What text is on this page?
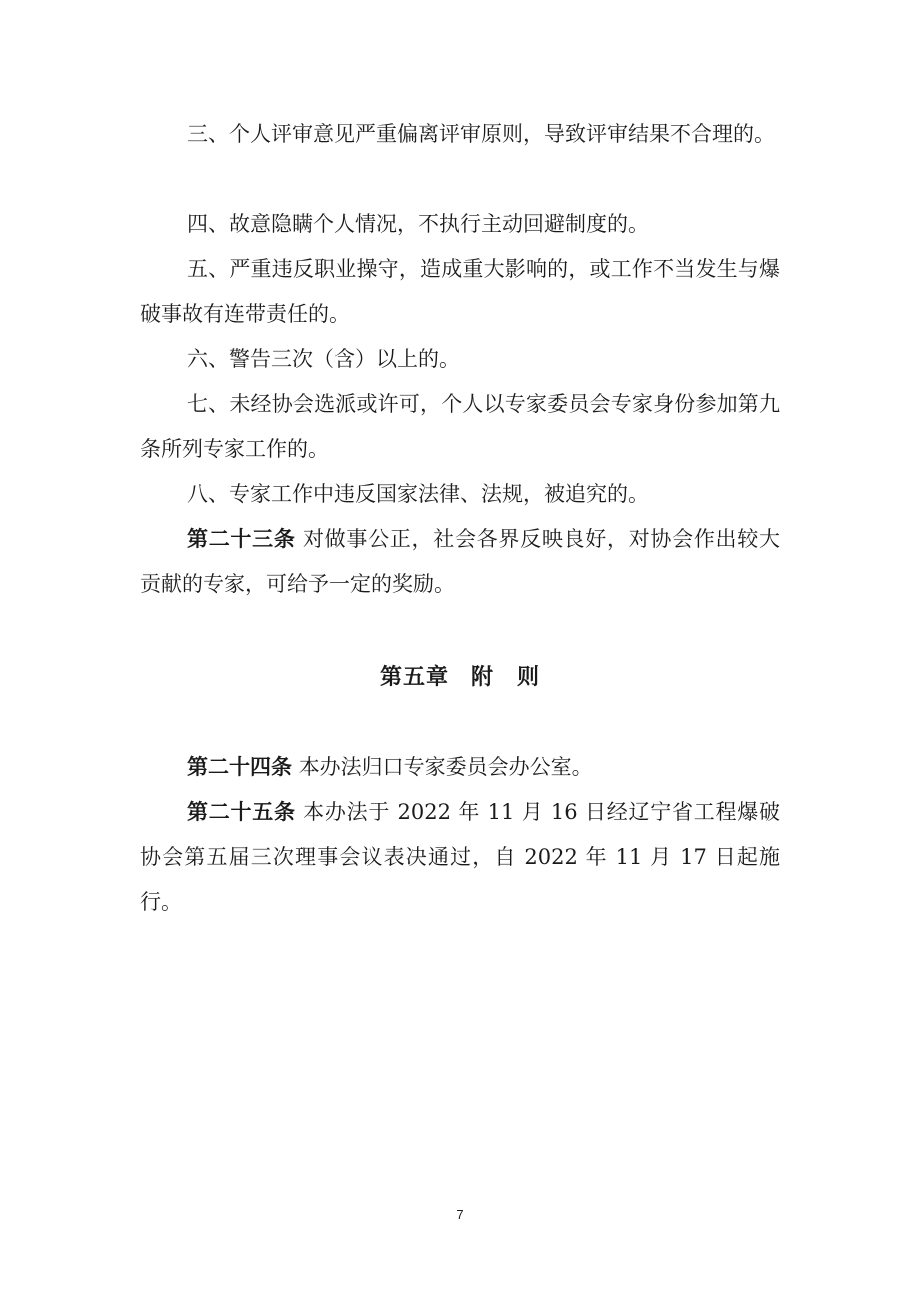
三、个人评审意见严重偏离评审原则，导致评审结果不合理的。

四、故意隐瞒个人情况，不执行主动回避制度的。

五、严重违反职业操守，造成重大影响的，或工作不当发生与爆破事故有连带责任的。

六、警告三次（含）以上的。

七、未经协会选派或许可，个人以专家委员会专家身份参加第九条所列专家工作的。

八、专家工作中违反国家法律、法规，被追究的。

第二十三条 对做事公正，社会各界反映良好，对协会作出较大贡献的专家，可给予一定的奖励。

第五章 附　则

第二十四条 本办法归口专家委员会办公室。

第二十五条 本办法于 2022 年 11 月 16 日经辽宁省工程爆破协会第五届三次理事会议表决通过，自 2022 年 11 月 17 日起施行。

7
